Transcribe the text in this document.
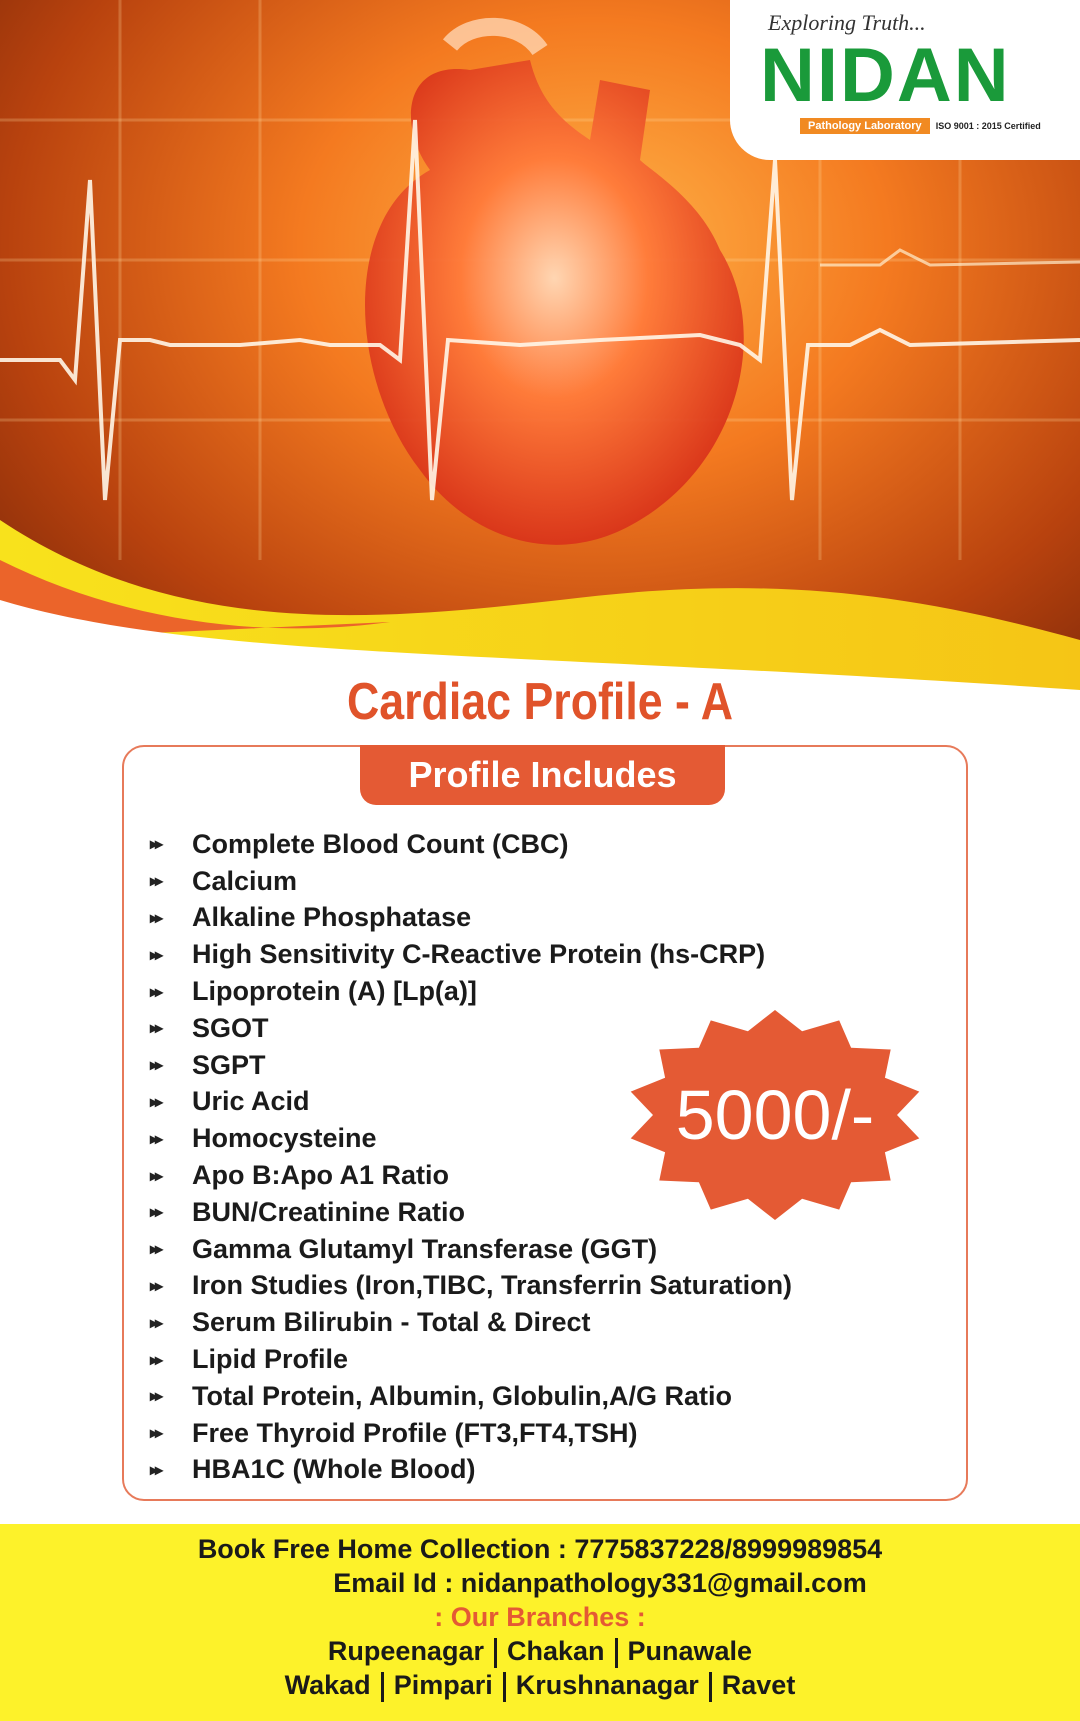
Exploring Truth...
NIDAN
Pathology Laboratory	ISO 9001 : 2015 Certified
Cardiac Profile - A
Profile Includes
▸▸	Complete Blood Count (CBC)
▸▸	Calcium
▸▸	Alkaline Phosphatase
▸▸	High Sensitivity C-Reactive Protein (hs-CRP)
▸▸	Lipoprotein (A) [Lp(a)]
▸▸	SGOT
▸▸	SGPT
▸▸	Uric Acid
▸▸	Homocysteine
▸▸	Apo B:Apo A1 Ratio
▸▸	BUN/Creatinine Ratio
▸▸	Gamma Glutamyl Transferase (GGT)
▸▸	Iron Studies (Iron,TIBC, Transferrin Saturation)
▸▸	Serum Bilirubin - Total & Direct
▸▸	Lipid Profile
▸▸	Total Protein, Albumin, Globulin,A/G Ratio
▸▸	Free Thyroid Profile (FT3,FT4,TSH)
▸▸	HBA1C (Whole Blood)
5000/-
Book Free Home Collection : 7775837228/8999989854
Email Id : nidanpathology331@gmail.com
: Our Branches :
Rupeenagar Chakan Punawale
Wakad Pimpari Krushnanagar Ravet
